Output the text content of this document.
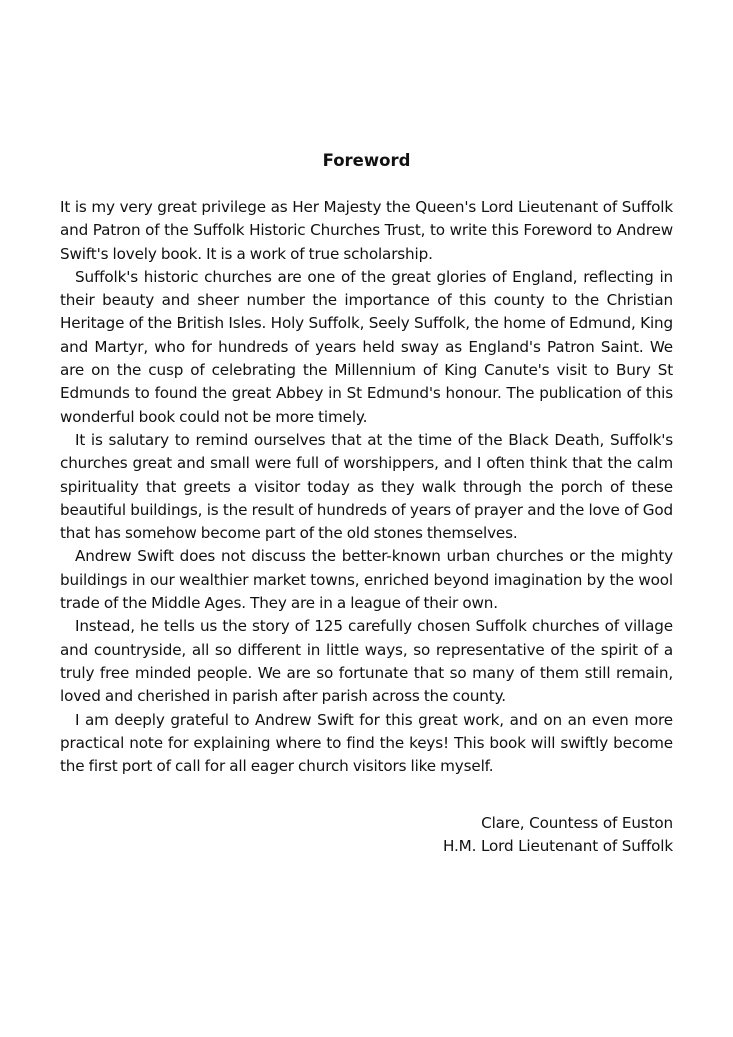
Foreword

It is my very great privilege as Her Majesty the Queen's Lord Lieutenant of Suffolk and Patron of the Suffolk Historic Churches Trust, to write this Foreword to Andrew Swift's lovely book. It is a work of true scholarship.

Suffolk's historic churches are one of the great glories of England, reflecting in their beauty and sheer number the importance of this county to the Christian Heritage of the British Isles. Holy Suffolk, Seely Suffolk, the home of Edmund, King and Martyr, who for hundreds of years held sway as England's Patron Saint. We are on the cusp of celebrating the Millennium of King Canute's visit to Bury St Edmunds to found the great Abbey in St Edmund's honour. The publication of this wonderful book could not be more timely.

It is salutary to remind ourselves that at the time of the Black Death, Suffolk's churches great and small were full of worshippers, and I often think that the calm spirituality that greets a visitor today as they walk through the porch of these beautiful buildings, is the result of hundreds of years of prayer and the love of God that has somehow become part of the old stones themselves.

Andrew Swift does not discuss the better-known urban churches or the mighty buildings in our wealthier market towns, enriched beyond imagination by the wool trade of the Middle Ages. They are in a league of their own.

Instead, he tells us the story of 125 carefully chosen Suffolk churches of village and countryside, all so different in little ways, so representative of the spirit of a truly free minded people. We are so fortunate that so many of them still remain, loved and cherished in parish after parish across the county.

I am deeply grateful to Andrew Swift for this great work, and on an even more practical note for explaining where to find the keys! This book will swiftly become the first port of call for all eager church visitors like myself.

Clare, Countess of Euston
H.M. Lord Lieutenant of Suffolk
